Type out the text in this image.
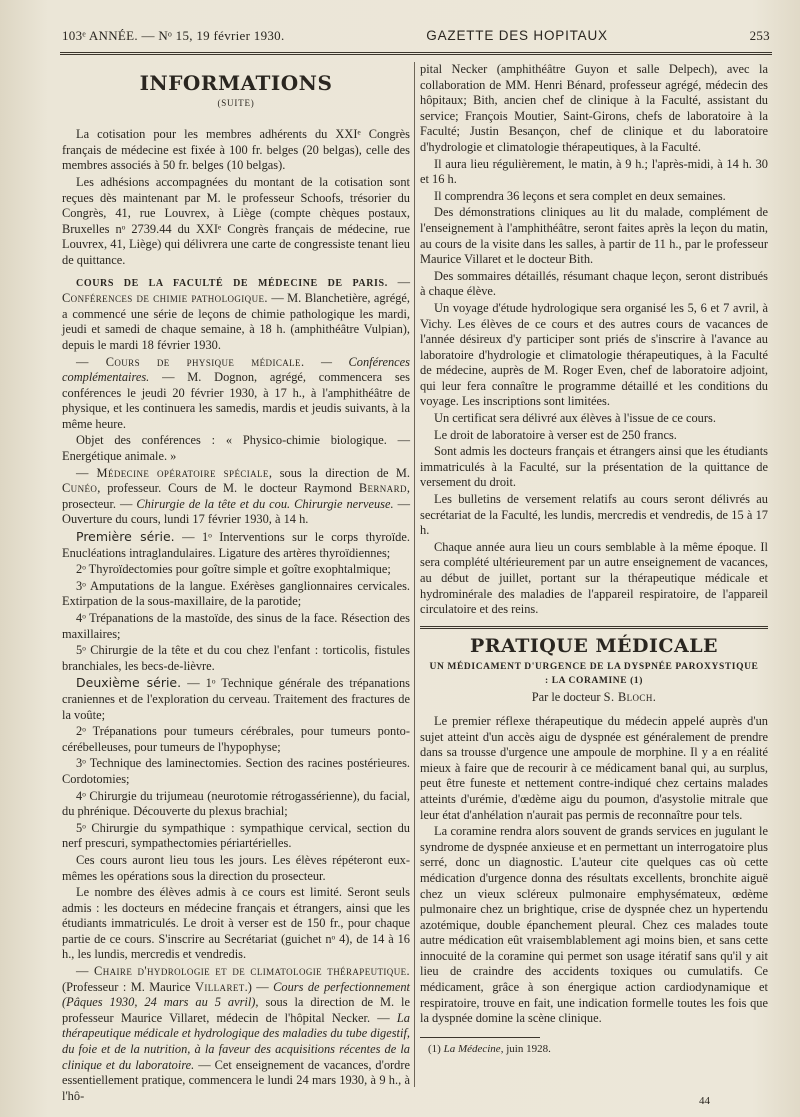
103ᵉ ANNÉE. — Nᵒ 15, 19 février 1930.	GAZETTE DES HOPITAUX	253
INFORMATIONS
(SUITE)

La cotisation pour les membres adhérents du XXIᵉ Congrès français de médecine est fixée à 100 fr. belges (20 belgas), celle des membres associés à 50 fr. belges (10 belgas).

Les adhésions accompagnées du montant de la cotisation sont reçues dès maintenant par M. le professeur Schoofs, trésorier du Congrès, 41, rue Louvrex, à Liège (compte chèques postaux, Bruxelles nᵒ 2739.44 du XXIᵉ Congrès français de médecine, rue Louvrex, 41, Liège) qui délivrera une carte de congressiste tenant lieu de quittance.

COURS DE LA FACULTÉ DE MÉDECINE DE PARIS. — Conférences de chimie pathologique. — M. Blanchetière, agrégé, a commencé une série de leçons de chimie pathologique les mardi, jeudi et samedi de chaque semaine, à 18 h. (amphithéâtre Vulpian), depuis le mardi 18 février 1930.

— Cours de physique médicale. — Conférences complémentaires. — M. Dognon, agrégé, commencera ses conférences le jeudi 20 février 1930, à 17 h., à l'amphithéâtre de physique, et les continuera les samedis, mardis et jeudis suivants, à la même heure.

Objet des conférences : « Physico-chimie biologique. — Energétique animale. »

— Médecine opératoire spéciale, sous la direction de M. Cunéo, professeur. Cours de M. le docteur Raymond Bernard, prosecteur. — Chirurgie de la tête et du cou. Chirurgie nerveuse. — Ouverture du cours, lundi 17 février 1930, à 14 h.

Première série. — 1ᵒ Interventions sur le corps thyroïde. Enucléations intraglandulaires. Ligature des artères thyroïdiennes;

2ᵒ Thyroïdectomies pour goître simple et goître exophtalmique;

3ᵒ Amputations de la langue. Exérèses ganglionnaires cervicales. Extirpation de la sous-maxillaire, de la parotide;

4ᵒ Trépanations de la mastoïde, des sinus de la face. Résection des maxillaires;

5ᵒ Chirurgie de la tête et du cou chez l'enfant : torticolis, fistules branchiales, les becs-de-lièvre.

Deuxième série. — 1ᵒ Technique générale des trépanations craniennes et de l'exploration du cerveau. Traitement des fractures de la voûte;

2ᵒ Trépanations pour tumeurs cérébrales, pour tumeurs ponto-cérébelleuses, pour tumeurs de l'hypophyse;

3ᵒ Technique des laminectomies. Section des racines postérieures. Cordotomies;

4ᵒ Chirurgie du trijumeau (neurotomie rétrogassérienne), du facial, du phrénique. Découverte du plexus brachial;

5ᵒ Chirurgie du sympathique : sympathique cervical, section du nerf prescuri, sympathectomies périartérielles.

Ces cours auront lieu tous les jours. Les élèves répéteront eux-mêmes les opérations sous la direction du prosecteur.

Le nombre des élèves admis à ce cours est limité. Seront seuls admis : les docteurs en médecine français et étrangers, ainsi que les étudiants immatriculés. Le droit à verser est de 150 fr., pour chaque partie de ce cours. S'inscrire au Secrétariat (guichet nᵒ 4), de 14 à 16 h., les lundis, mercredis et vendredis.

— Chaire d'hydrologie et de climatologie thérapeutique. (Professeur : M. Maurice Villaret.) — Cours de perfectionnement (Pâques 1930, 24 mars au 5 avril), sous la direction de M. le professeur Maurice Villaret, médecin de l'hôpital Necker. — La thérapeutique médicale et hydrologique des maladies du tube digestif, du foie et de la nutrition, à la faveur des acquisitions récentes de la clinique et du laboratoire. — Cet enseignement de vacances, d'ordre essentiellement pratique, commencera le lundi 24 mars 1930, à 9 h., à l'hô-

pital Necker (amphithéâtre Guyon et salle Delpech), avec la collaboration de MM. Henri Bénard, professeur agrégé, médecin des hôpitaux; Bith, ancien chef de clinique à la Faculté, assistant du service; François Moutier, Saint-Girons, chefs de laboratoire à la Faculté; Justin Besançon, chef de clinique et du laboratoire d'hydrologie et climatologie thérapeutiques, à la Faculté.

Il aura lieu régulièrement, le matin, à 9 h.; l'après-midi, à 14 h. 30 et 16 h.

Il comprendra 36 leçons et sera complet en deux semaines.

Des démonstrations cliniques au lit du malade, complément de l'enseignement à l'amphithéâtre, seront faites après la leçon du matin, au cours de la visite dans les salles, à partir de 11 h., par le professeur Maurice Villaret et le docteur Bith.

Des sommaires détaillés, résumant chaque leçon, seront distribués à chaque élève.

Un voyage d'étude hydrologique sera organisé les 5, 6 et 7 avril, à Vichy. Les élèves de ce cours et des autres cours de vacances de l'année désireux d'y participer sont priés de s'inscrire à l'avance au laboratoire d'hydrologie et climatologie thérapeutiques, à la Faculté de médecine, auprès de M. Roger Even, chef de laboratoire adjoint, qui leur fera connaître le programme détaillé et les conditions du voyage. Les inscriptions sont limitées.

Un certificat sera délivré aux élèves à l'issue de ce cours.

Le droit de laboratoire à verser est de 250 francs.

Sont admis les docteurs français et étrangers ainsi que les étudiants immatriculés à la Faculté, sur la présentation de la quittance de versement du droit.

Les bulletins de versement relatifs au cours seront délivrés au secrétariat de la Faculté, les lundis, mercredis et vendredis, de 15 à 17 h.

Chaque année aura lieu un cours semblable à la même époque. Il sera complété ultérieurement par un autre enseignement de vacances, au début de juillet, portant sur la thérapeutique médicale et hydrominérale des maladies de l'appareil respiratoire, de l'appareil circulatoire et des reins.

PRATIQUE MÉDICALE
UN MÉDICAMENT D'URGENCE DE LA DYSPNÉE PAROXYSTIQUE : LA CORAMINE (1)
Par le docteur S. Bloch.

Le premier réflexe thérapeutique du médecin appelé auprès d'un sujet atteint d'un accès aigu de dyspnée est généralement de prendre dans sa trousse d'urgence une ampoule de morphine. Il y a en réalité mieux à faire que de recourir à ce médicament banal qui, au surplus, peut être funeste et nettement contre-indiqué chez certains malades atteints d'urémie, d'œdème aigu du poumon, d'asystolie mitrale que leur état d'anhélation n'aurait pas permis de reconnaître pour tels.

La coramine rendra alors souvent de grands services en jugulant le syndrome de dyspnée anxieuse et en permettant un interrogatoire plus serré, donc un diagnostic. L'auteur cite quelques cas où cette médication d'urgence donna des résultats excellents, bronchite aiguë chez un vieux scléreux pulmonaire emphysémateux, œdème pulmonaire chez un brightique, crise de dyspnée chez un hypertendu azotémique, double épanchement pleural. Chez ces malades toute autre médication eût vraisemblablement agi moins bien, et sans cette innocuité de la coramine qui permet son usage itératif sans qu'il y ait lieu de craindre des accidents toxiques ou cumulatifs. Ce médicament, grâce à son énergique action cardiodynamique et respiratoire, trouve en fait, une indication formelle toutes les fois que la dyspnée domine la scène clinique.

(1) La Médecine, juin 1928.

44
